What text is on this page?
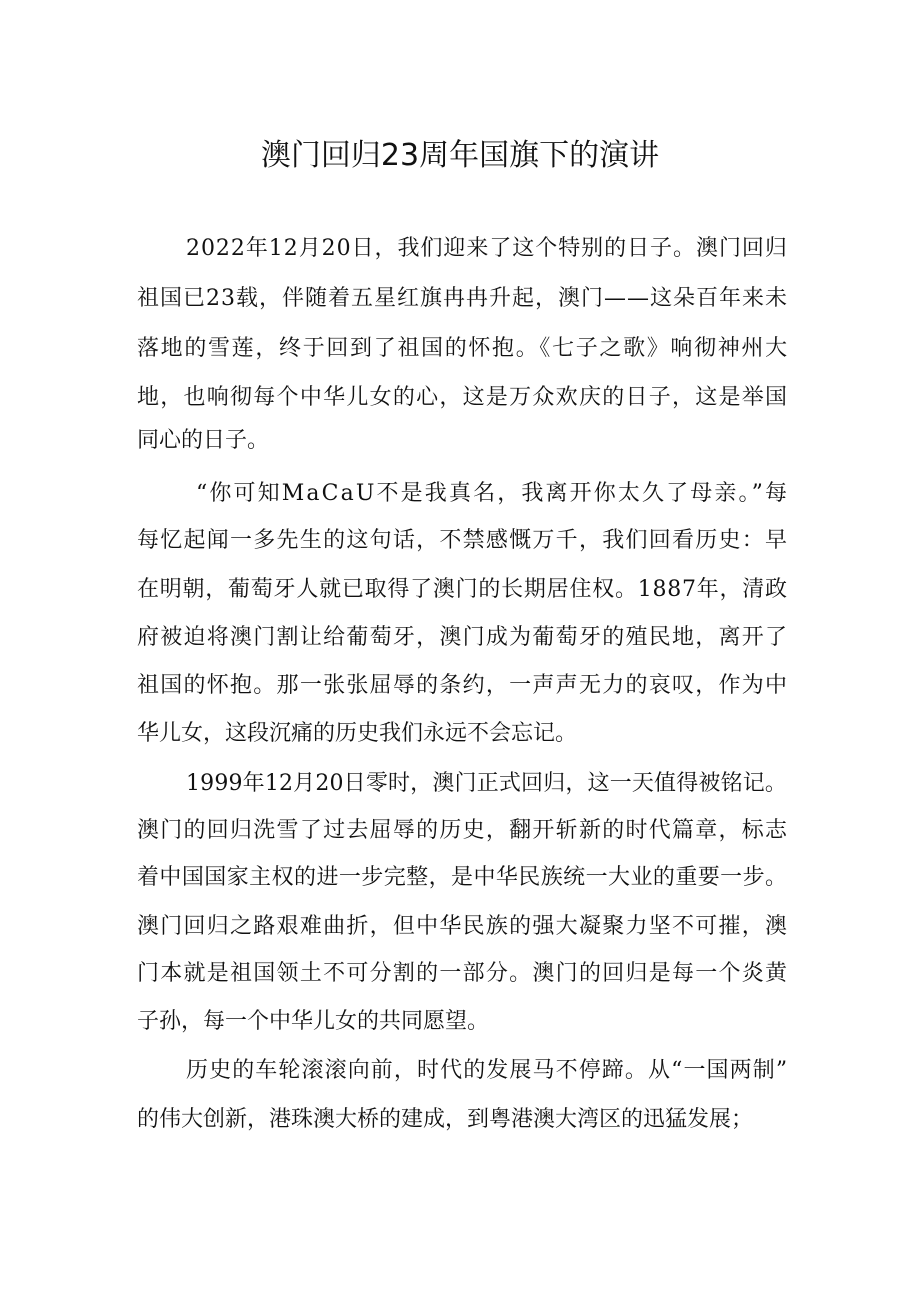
澳门回归23周年国旗下的演讲
2022年12月20日，我们迎来了这个特别的日子。澳门回归
祖国已23载，伴随着五星红旗冉冉升起，澳门——这朵百年来未
落地的雪莲，终于回到了祖国的怀抱。《七子之歌》响彻神州大
地，也响彻每个中华儿女的心，这是万众欢庆的日子，这是举国
同心的日子。
“你可知MaCaU不是我真名，我离开你太久了母亲。”每
每忆起闻一多先生的这句话，不禁感慨万千，我们回看历史：早
在明朝，葡萄牙人就已取得了澳门的长期居住权。1887年，清政
府被迫将澳门割让给葡萄牙，澳门成为葡萄牙的殖民地，离开了
祖国的怀抱。那一张张屈辱的条约，一声声无力的哀叹，作为中
华儿女，这段沉痛的历史我们永远不会忘记。
1999年12月20日零时，澳门正式回归，这一天值得被铭记。
澳门的回归洗雪了过去屈辱的历史，翻开斩新的时代篇章，标志
着中国国家主权的进一步完整，是中华民族统一大业的重要一步。
澳门回归之路艰难曲折，但中华民族的强大凝聚力坚不可摧，澳
门本就是祖国领土不可分割的一部分。澳门的回归是每一个炎黄
子孙，每一个中华儿女的共同愿望。
历史的车轮滚滚向前，时代的发展马不停蹄。从“一国两制”
的伟大创新，港珠澳大桥的建成，到粤港澳大湾区的迅猛发展；
